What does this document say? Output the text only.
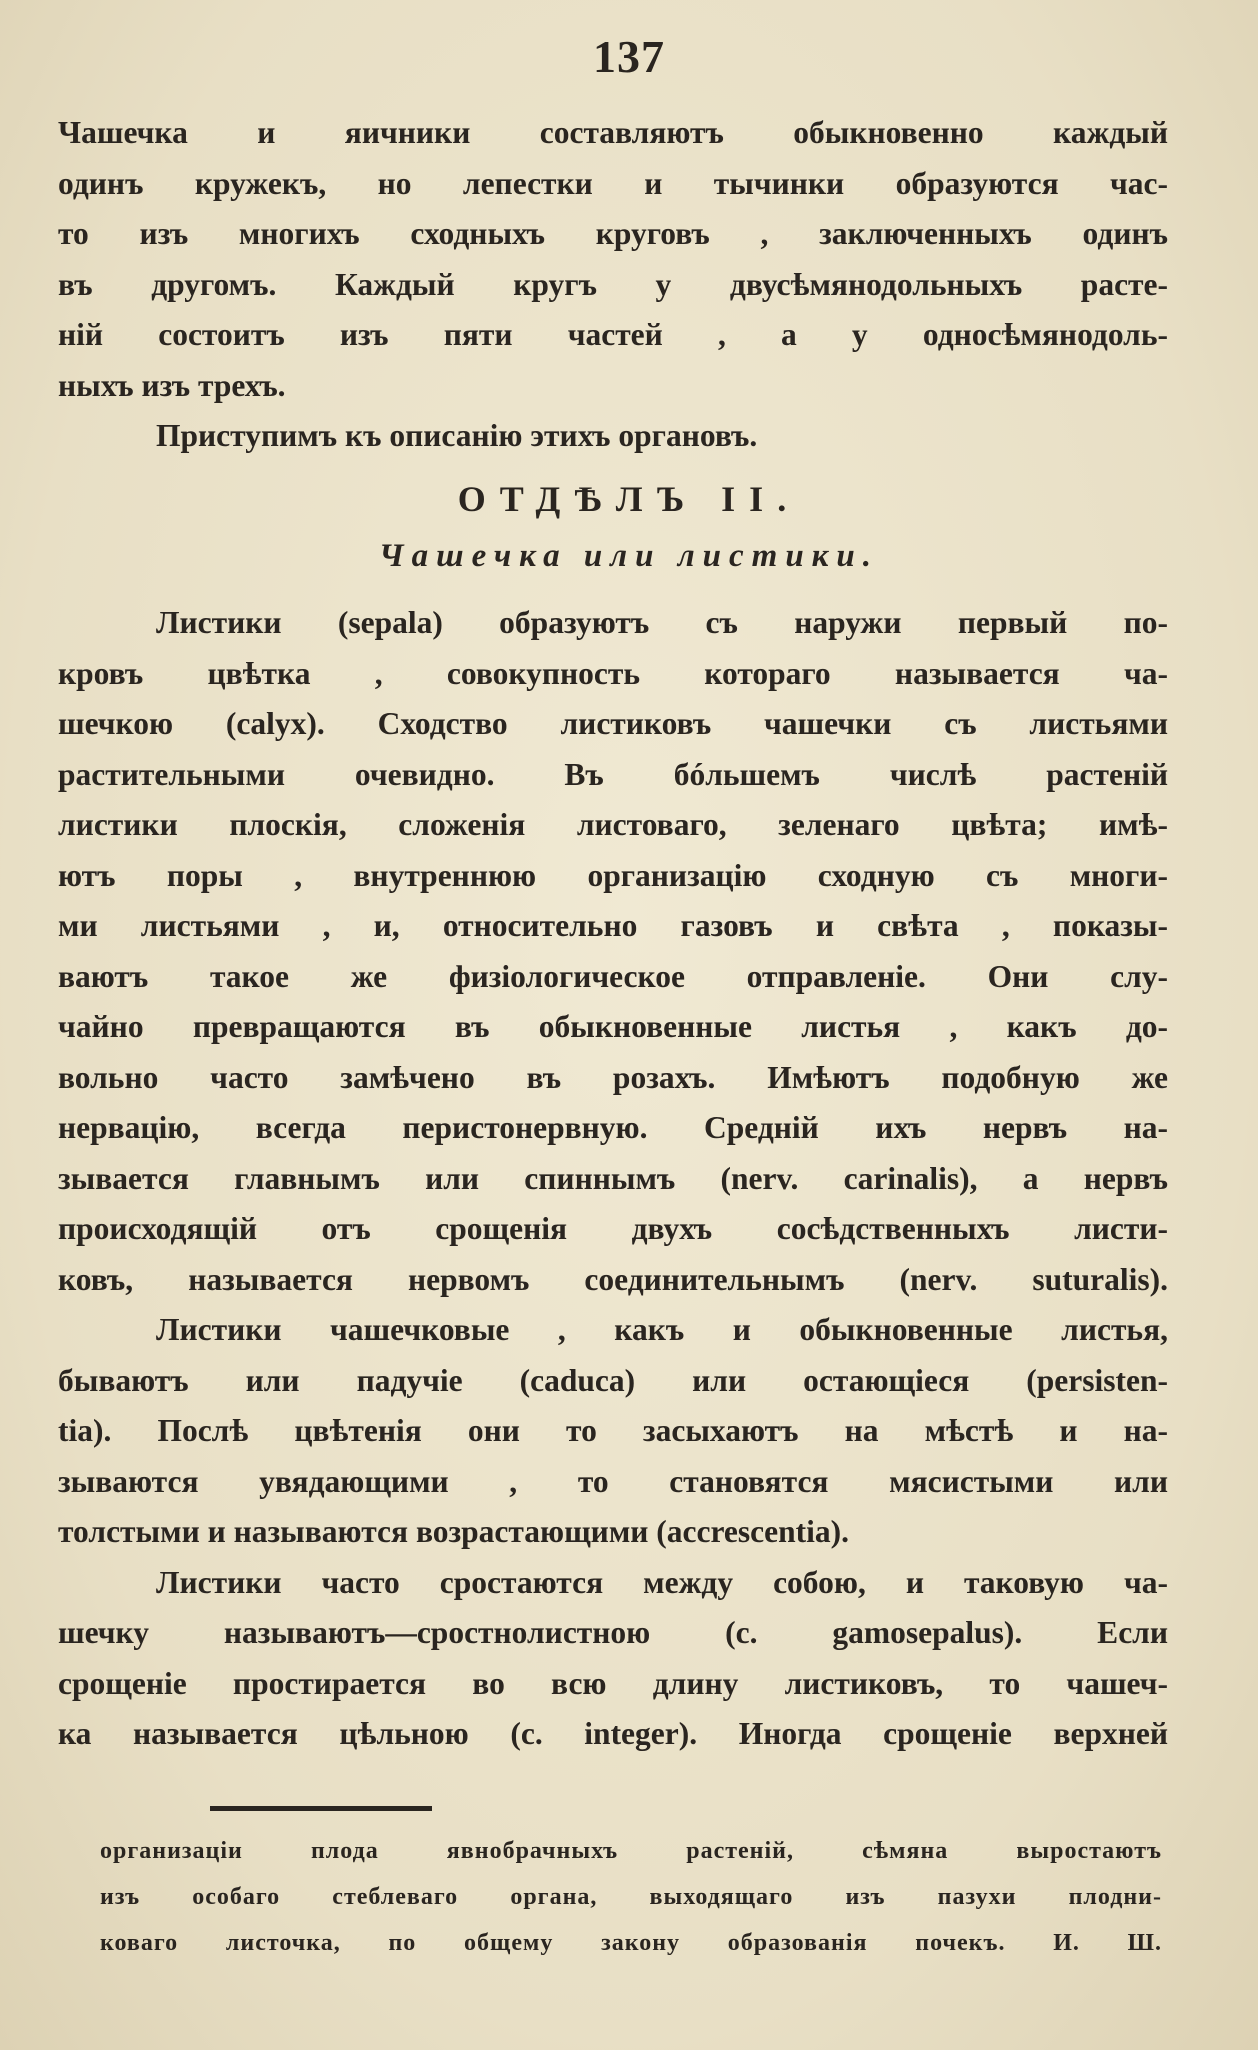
137
Чашечка и яичники составляютъ обыкновенно каждый
одинъ кружекъ, но лепестки и тычинки образуются час-
то изъ многихъ сходныхъ круговъ , заключенныхъ одинъ
въ другомъ. Каждый кругъ у двусѣмянодольныхъ расте-
ній состоитъ изъ пяти частей , а у односѣмянодоль-
ныхъ изъ трехъ.
Приступимъ къ описанію этихъ органовъ.
ОТДѢЛЪ II.
Чашечка или листики.
Листики (sepala) образуютъ съ наружи первый по-
кровъ цвѣтка , совокупность котораго называется ча-
шечкою (calyx). Сходство листиковъ чашечки съ листьями
растительными очевидно. Въ бóльшемъ числѣ растеній
листики плоскія, сложенія листоваго, зеленаго цвѣта; имѣ-
ютъ поры , внутреннюю организацію сходную съ многи-
ми листьями , и, относительно газовъ и свѣта , показы-
ваютъ такое же физіологическое отправленіе. Они слу-
чайно превращаются въ обыкновенные листья , какъ до-
вольно часто замѣчено въ розахъ. Имѣютъ подобную же
нервацію, всегда перистонервную. Средній ихъ нервъ на-
зывается главнымъ или спиннымъ (nerv. carinalis), а нервъ
происходящій отъ срощенія двухъ сосѣдственныхъ листи-
ковъ, называется нервомъ соединительнымъ (nerv. suturalis).
Листики чашечковые , какъ и обыкновенные листья,
бываютъ или падучіе (caduca) или остающіеся (persisten-
tia). Послѣ цвѣтенія они то засыхаютъ на мѣстѣ и на-
зываются увядающими , то становятся мясистыми или
толстыми и называются возрастающими (accrescentia).
Листики часто сростаются между собою, и таковую ча-
шечку называютъ—сростнолистною (c. gamosepalus). Если
срощеніе простирается во всю длину листиковъ, то чашеч-
ка называется цѣльною (c. integer). Иногда срощеніе верхней
организаціи плода явнобрачныхъ растеній, сѣмяна выростаютъ
изъ особаго стеблеваго органа, выходящаго изъ пазухи плодни-
коваго листочка, по общему закону образованія почекъ. И. Ш.
